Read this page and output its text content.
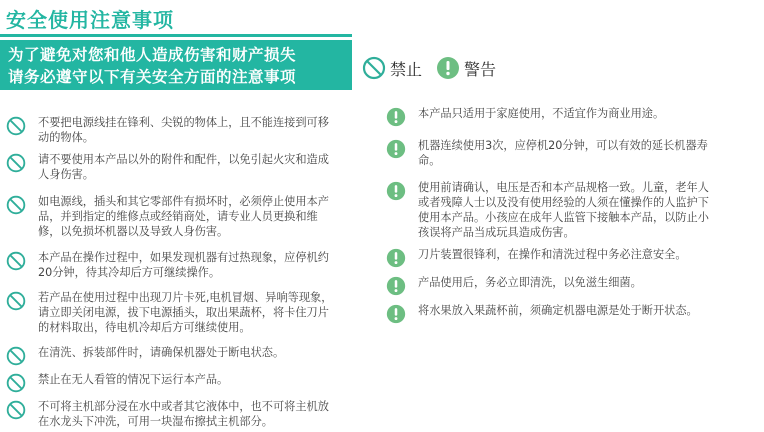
安全使用注意事项
为了避免对您和他人造成伤害和财产损失
请务必遵守以下有关安全方面的注意事项	禁止	警告
不要把电源线挂在锋利、尖锐的物体上，且不能连接到可移动的物体。
请不要使用本产品以外的附件和配件，以免引起火灾和造成人身伤害。
如电源线，插头和其它零部件有损坏时，必须停止使用本产品，并到指定的维修点或经销商处，请专业人员更换和维修，以免损坏机器以及导致人身伤害。
本产品在操作过程中，如果发现机器有过热现象，应停机约20分钟，待其冷却后方可继续操作。
若产品在使用过程中出现刀片卡死,电机冒烟、异响等现象，请立即关闭电源，拔下电源插头，取出果蔬杯，将卡住刀片的材料取出，待电机冷却后方可继续使用。
在清洗、拆装部件时，请确保机器处于断电状态。
禁止在无人看管的情况下运行本产品。
不可将主机部分浸在水中或者其它液体中，也不可将主机放在水龙头下冲洗，可用一块湿布擦拭主机部分。
本产品只适用于家庭使用，不适宜作为商业用途。
机器连续使用3次，应停机20分钟，可以有效的延长机器寿命。
使用前请确认，电压是否和本产品规格一致。儿童，老年人或者残障人士以及没有使用经验的人须在懂操作的人监护下使用本产品。小孩应在成年人监管下接触本产品，以防止小孩误将产品当成玩具造成伤害。
刀片装置很锋利，在操作和清洗过程中务必注意安全。
产品使用后，务必立即清洗，以免滋生细菌。
将水果放入果蔬杯前，须确定机器电源是处于断开状态。
